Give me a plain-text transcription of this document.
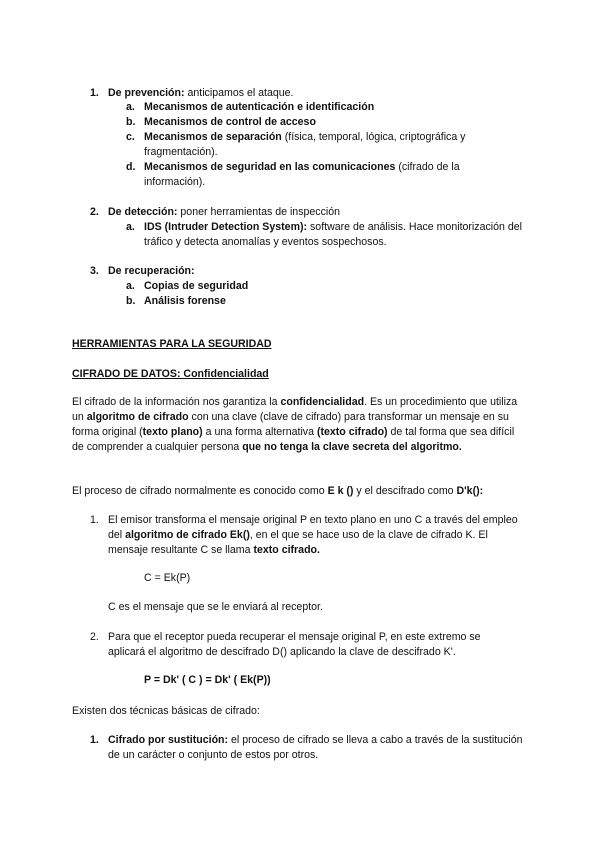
1. De prevención: anticipamos el ataque.
a. Mecanismos de autenticación e identificación
b. Mecanismos de control de acceso
c. Mecanismos de separación (física, temporal, lógica, criptográfica y fragmentación).
d. Mecanismos de seguridad en las comunicaciones (cifrado de la información).
2. De detección: poner herramientas de inspección
a. IDS (Intruder Detection System): software de análisis. Hace monitorización del tráfico y detecta anomalías y eventos sospechosos.
3. De recuperación:
a. Copias de seguridad
b. Análisis forense
HERRAMIENTAS PARA LA SEGURIDAD
CIFRADO DE DATOS: Confidencialidad

El cifrado de la información nos garantiza la confidencialidad. Es un procedimiento que utiliza un algoritmo de cifrado con una clave (clave de cifrado) para transformar un mensaje en su forma original (texto plano) a una forma alternativa (texto cifrado) de tal forma que sea difícil de comprender a cualquier persona que no tenga la clave secreta del algoritmo.

El proceso de cifrado normalmente es conocido como E k () y el descifrado como D'k():

1. El emisor transforma el mensaje original P en texto plano en uno C a través del empleo del algoritmo de cifrado Ek(), en el que se hace uso de la clave de cifrado K. El mensaje resultante C se llama texto cifrado.

C = Ek(P)
C es el mensaje que se le enviará al receptor.
2. Para que el receptor pueda recuperar el mensaje original P, en este extremo se aplicará el algoritmo de descifrado D() aplicando la clave de descifrado K'.

P = Dk' ( C ) = Dk' ( Ek(P))
Existen dos técnicas básicas de cifrado:
1. Cifrado por sustitución: el proceso de cifrado se lleva a cabo a través de la sustitución de un carácter o conjunto de estos por otros.
